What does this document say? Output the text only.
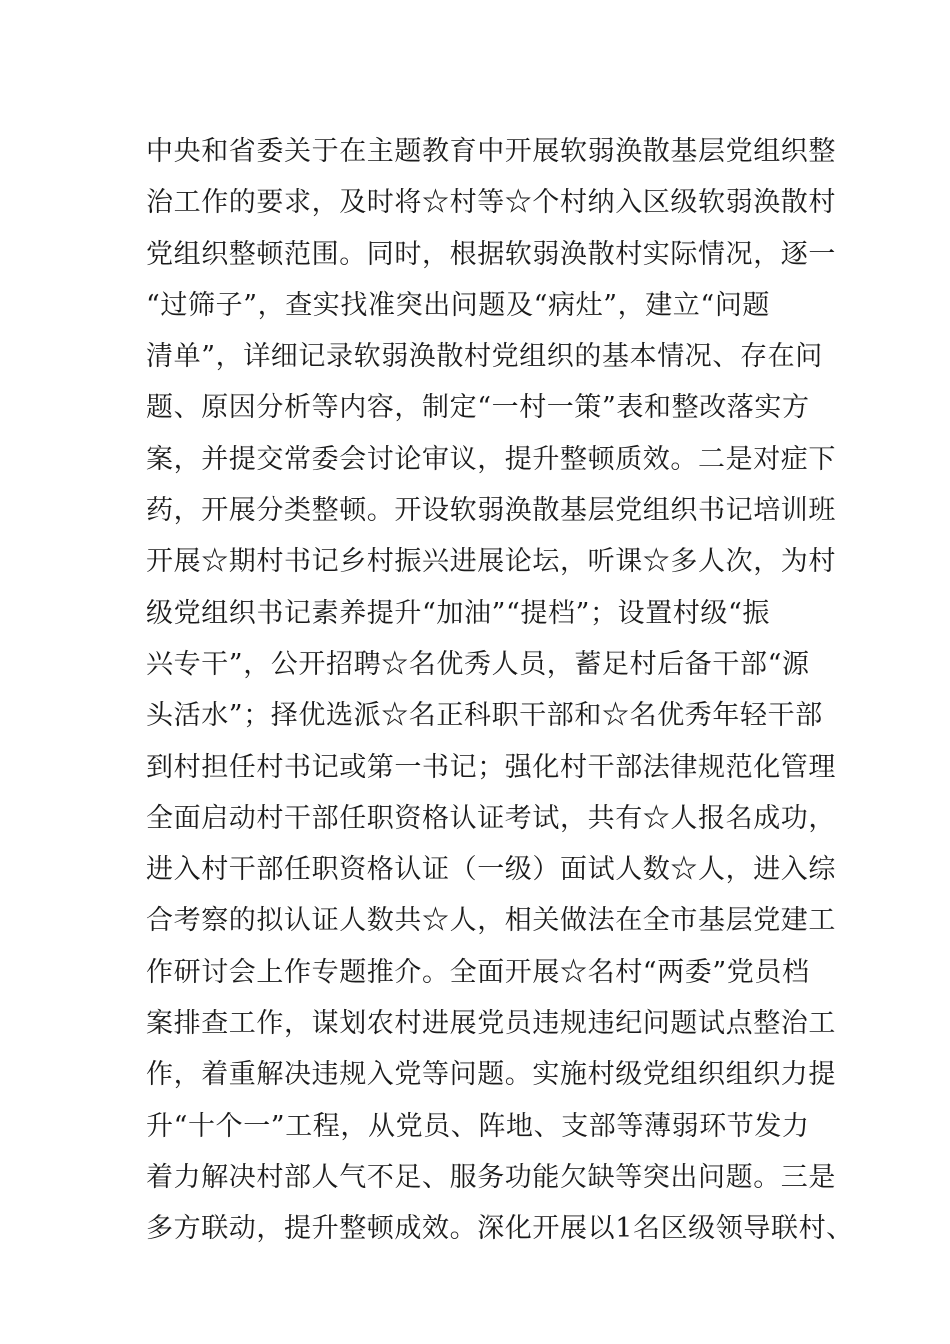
中央和省委关于在主题教育中开展软弱涣散基层党组织整
治工作的要求，及时将☆村等☆个村纳入区级软弱涣散村
党组织整顿范围。同时，根据软弱涣散村实际情况，逐一
“过筛子”，查实找准突出问题及“病灶”，建立“问题
清单”，详细记录软弱涣散村党组织的基本情况、存在问
题、原因分析等内容，制定“一村一策”表和整改落实方
案，并提交常委会讨论审议，提升整顿质效。二是对症下
药，开展分类整顿。开设软弱涣散基层党组织书记培训班
开展☆期村书记乡村振兴进展论坛，听课☆多人次，为村
级党组织书记素养提升“加油”“提档”；设置村级“振
兴专干”，公开招聘☆名优秀人员，蓄足村后备干部“源
头活水”；择优选派☆名正科职干部和☆名优秀年轻干部
到村担任村书记或第一书记；强化村干部法律规范化管理
全面启动村干部任职资格认证考试，共有☆人报名成功，
进入村干部任职资格认证（一级）面试人数☆人，进入综
合考察的拟认证人数共☆人，相关做法在全市基层党建工
作研讨会上作专题推介。全面开展☆名村“两委”党员档
案排查工作，谋划农村进展党员违规违纪问题试点整治工
作，着重解决违规入党等问题。实施村级党组织组织力提
升“十个一”工程，从党员、阵地、支部等薄弱环节发力
着力解决村部人气不足、服务功能欠缺等突出问题。三是
多方联动，提升整顿成效。深化开展以1名区级领导联村、
